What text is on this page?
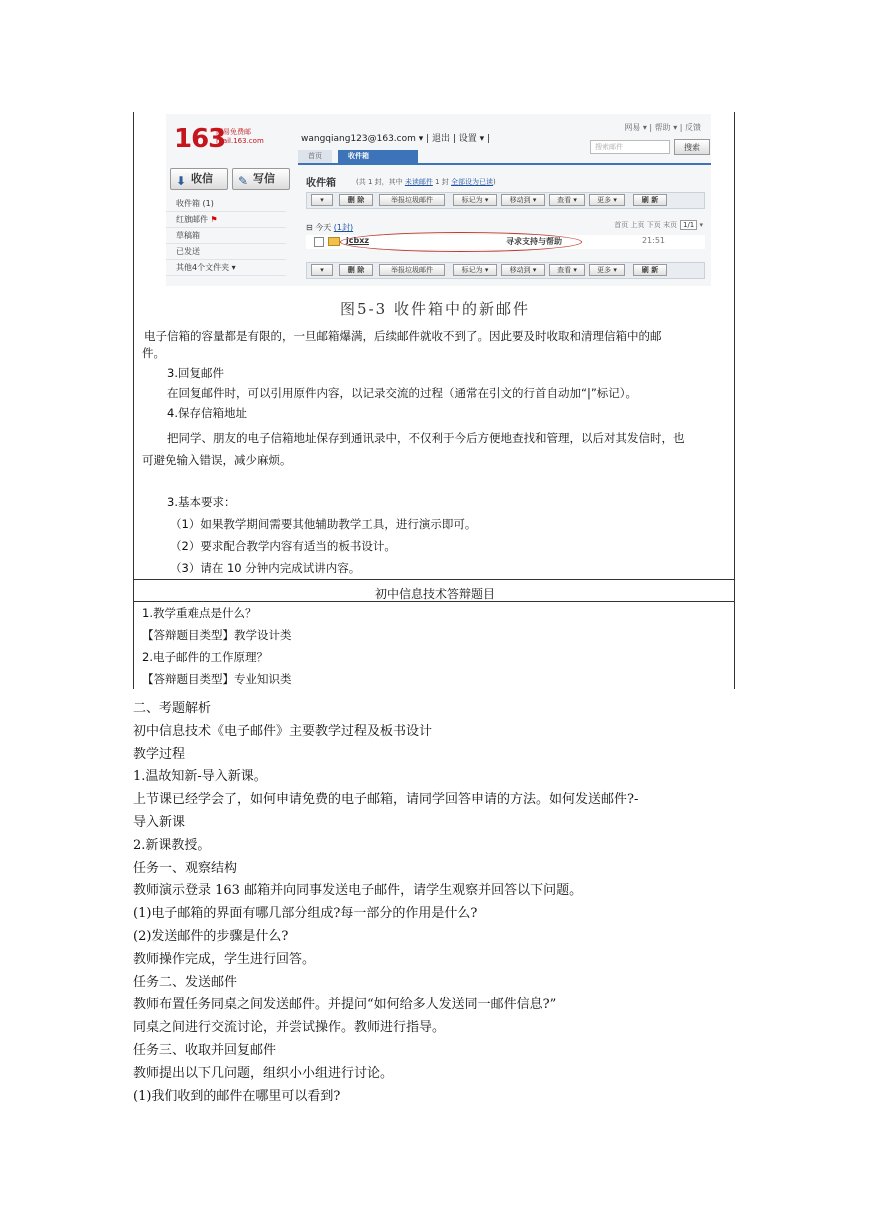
163
网易免费邮
mail.163.com	wangqiang123@163.com ▾ | 退出 | 设置 ▾ |
网易 ▾ | 帮助 ▾ | 反馈
搜索邮件	搜索
首页	收件箱
⬇ 收信	✎ 写信
收件箱 (1)
红旗邮件 ⚑
草稿箱
已发送
其他4个文件夹 ▾
收件箱	(共 1 封，其中 未读邮件 1 封 全部设为已读)
▾	删 除	举报垃圾邮件	标记为 ▾	移动到 ▾	查看 ▾	更多 ▾	刷 新
⊟ 今天 (1封)	首页 上页 下页 末页 1/1 ▾
jcbxz	寻求支持与帮助	21:51
▾	删 除	举报垃圾邮件	标记为 ▾	移动到 ▾	查看 ▾	更多 ▾	刷 新
图5-3 收件箱中的新邮件
电子信箱的容量都是有限的，一旦邮箱爆满，后续邮件就收不到了。因此要及时收取和清理信箱中的邮
件。
3.回复邮件
在回复邮件时，可以引用原件内容，以记录交流的过程（通常在引文的行首自动加“|”标记）。
4.保存信箱地址
把同学、朋友的电子信箱地址保存到通讯录中，不仅利于今后方便地查找和管理，以后对其发信时，也
可避免输入错误，减少麻烦。
3.基本要求：
（1）如果教学期间需要其他辅助教学工具，进行演示即可。
（2）要求配合教学内容有适当的板书设计。
（3）请在 10 分钟内完成试讲内容。
初中信息技术答辩题目
1.教学重难点是什么？
【答辩题目类型】教学设计类
2.电子邮件的工作原理？
【答辩题目类型】专业知识类
二、考题解析
初中信息技术《电子邮件》主要教学过程及板书设计
教学过程
1.温故知新-导入新课。
上节课已经学会了，如何申请免费的电子邮箱，请同学回答申请的方法。如何发送邮件?-
导入新课
2.新课教授。
任务一、观察结构
教师演示登录 163 邮箱并向同事发送电子邮件，请学生观察并回答以下问题。
(1)电子邮箱的界面有哪几部分组成?每一部分的作用是什么?
(2)发送邮件的步骤是什么?
教师操作完成，学生进行回答。
任务二、发送邮件
教师布置任务同桌之间发送邮件。并提问“如何给多人发送同一邮件信息?”
同桌之间进行交流讨论，并尝试操作。教师进行指导。
任务三、收取并回复邮件
教师提出以下几问题，组织小小组进行讨论。
(1)我们收到的邮件在哪里可以看到?
